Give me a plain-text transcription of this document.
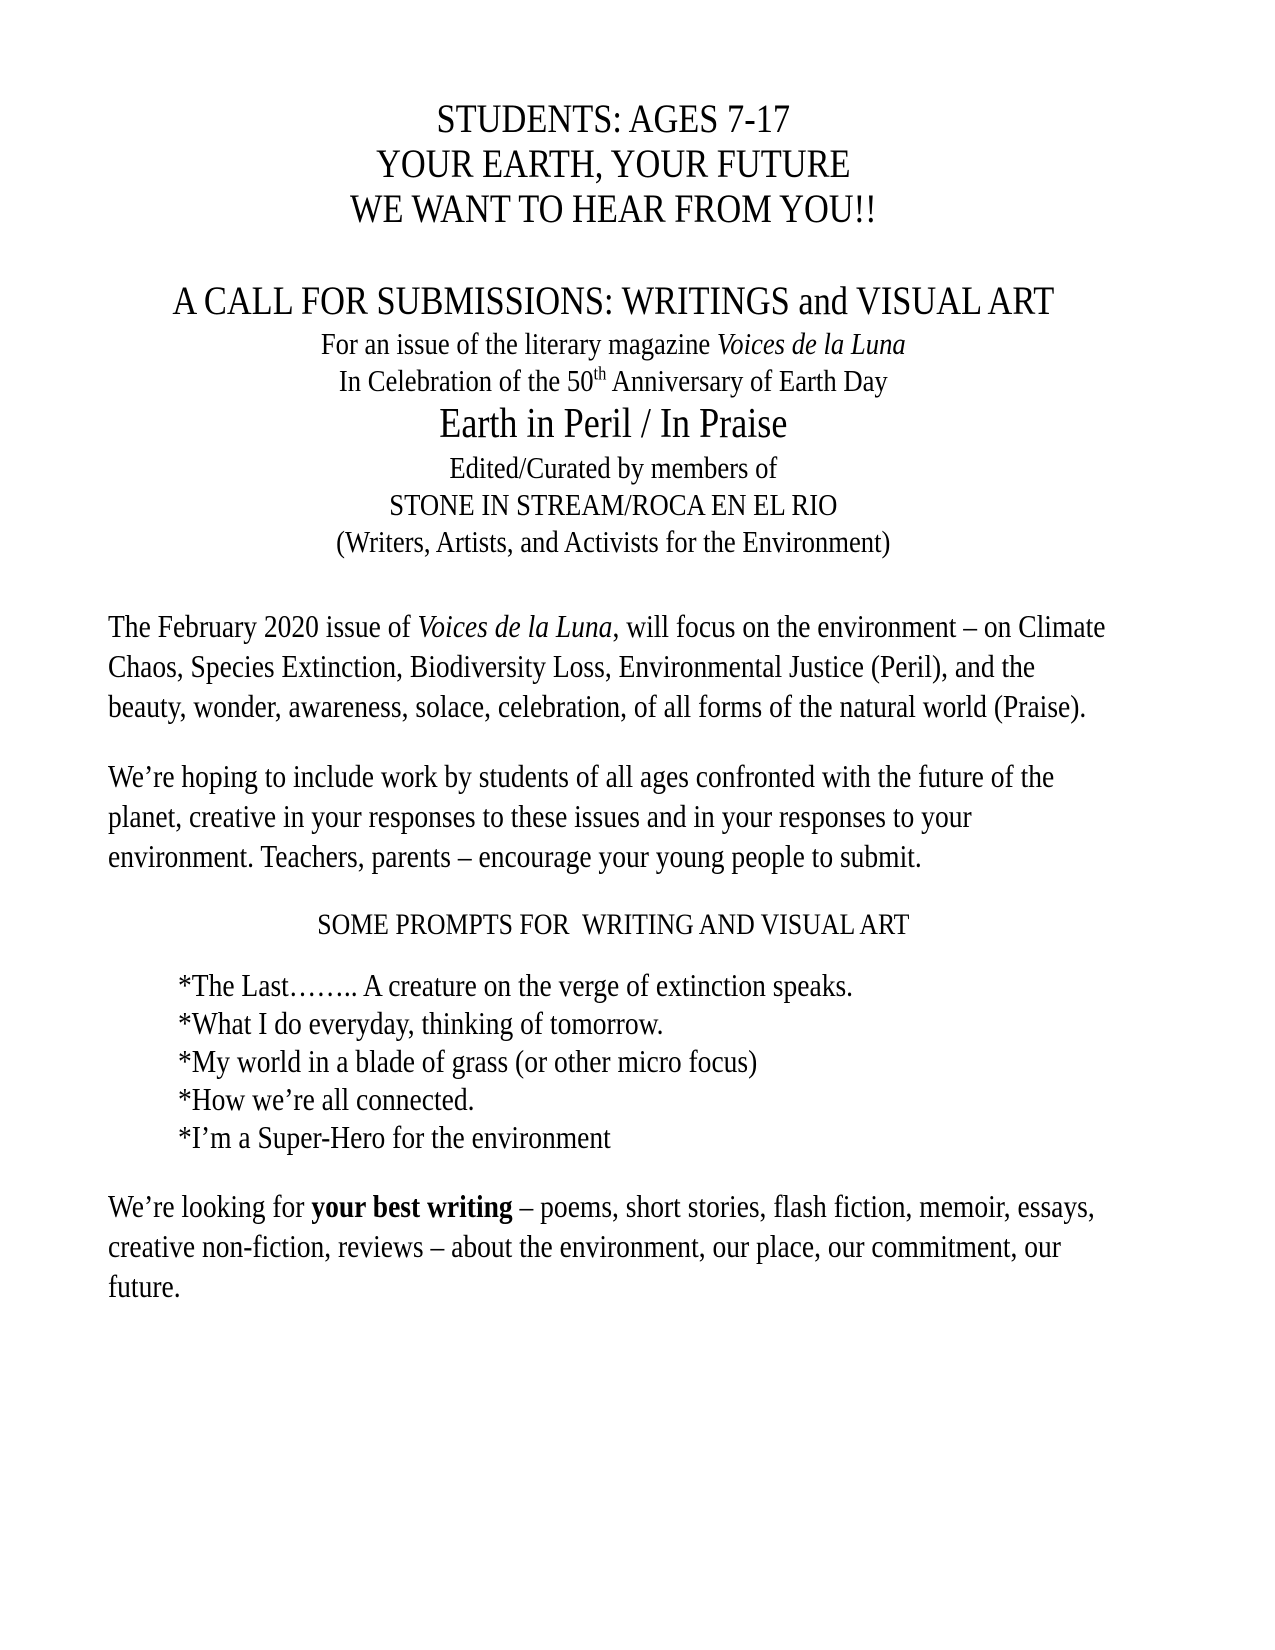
STUDENTS: AGES 7-17
YOUR EARTH, YOUR FUTURE
WE WANT TO HEAR FROM YOU!!
A CALL FOR SUBMISSIONS: WRITINGS and VISUAL ART
For an issue of the literary magazine Voices de la Luna
In Celebration of the 50th Anniversary of Earth Day
Earth in Peril / In Praise
Edited/Curated by members of
STONE IN STREAM/ROCA EN EL RIO
(Writers, Artists, and Activists for the Environment)
The February 2020 issue of Voices de la Luna, will focus on the environment – on Climate Chaos, Species Extinction, Biodiversity Loss, Environmental Justice (Peril), and the beauty, wonder, awareness, solace, celebration, of all forms of the natural world (Praise).
We’re hoping to include work by students of all ages confronted with the future of the planet, creative in your responses to these issues and in your responses to your environment. Teachers, parents – encourage your young people to submit.
SOME PROMPTS FOR  WRITING AND VISUAL ART
*The Last…….. A creature on the verge of extinction speaks.
*What I do everyday, thinking of tomorrow.
*My world in a blade of grass (or other micro focus)
*How we’re all connected.
*I’m a Super-Hero for the environment
We’re looking for your best writing – poems, short stories, flash fiction, memoir, essays, creative non-fiction, reviews – about the environment, our place, our commitment, our future.
